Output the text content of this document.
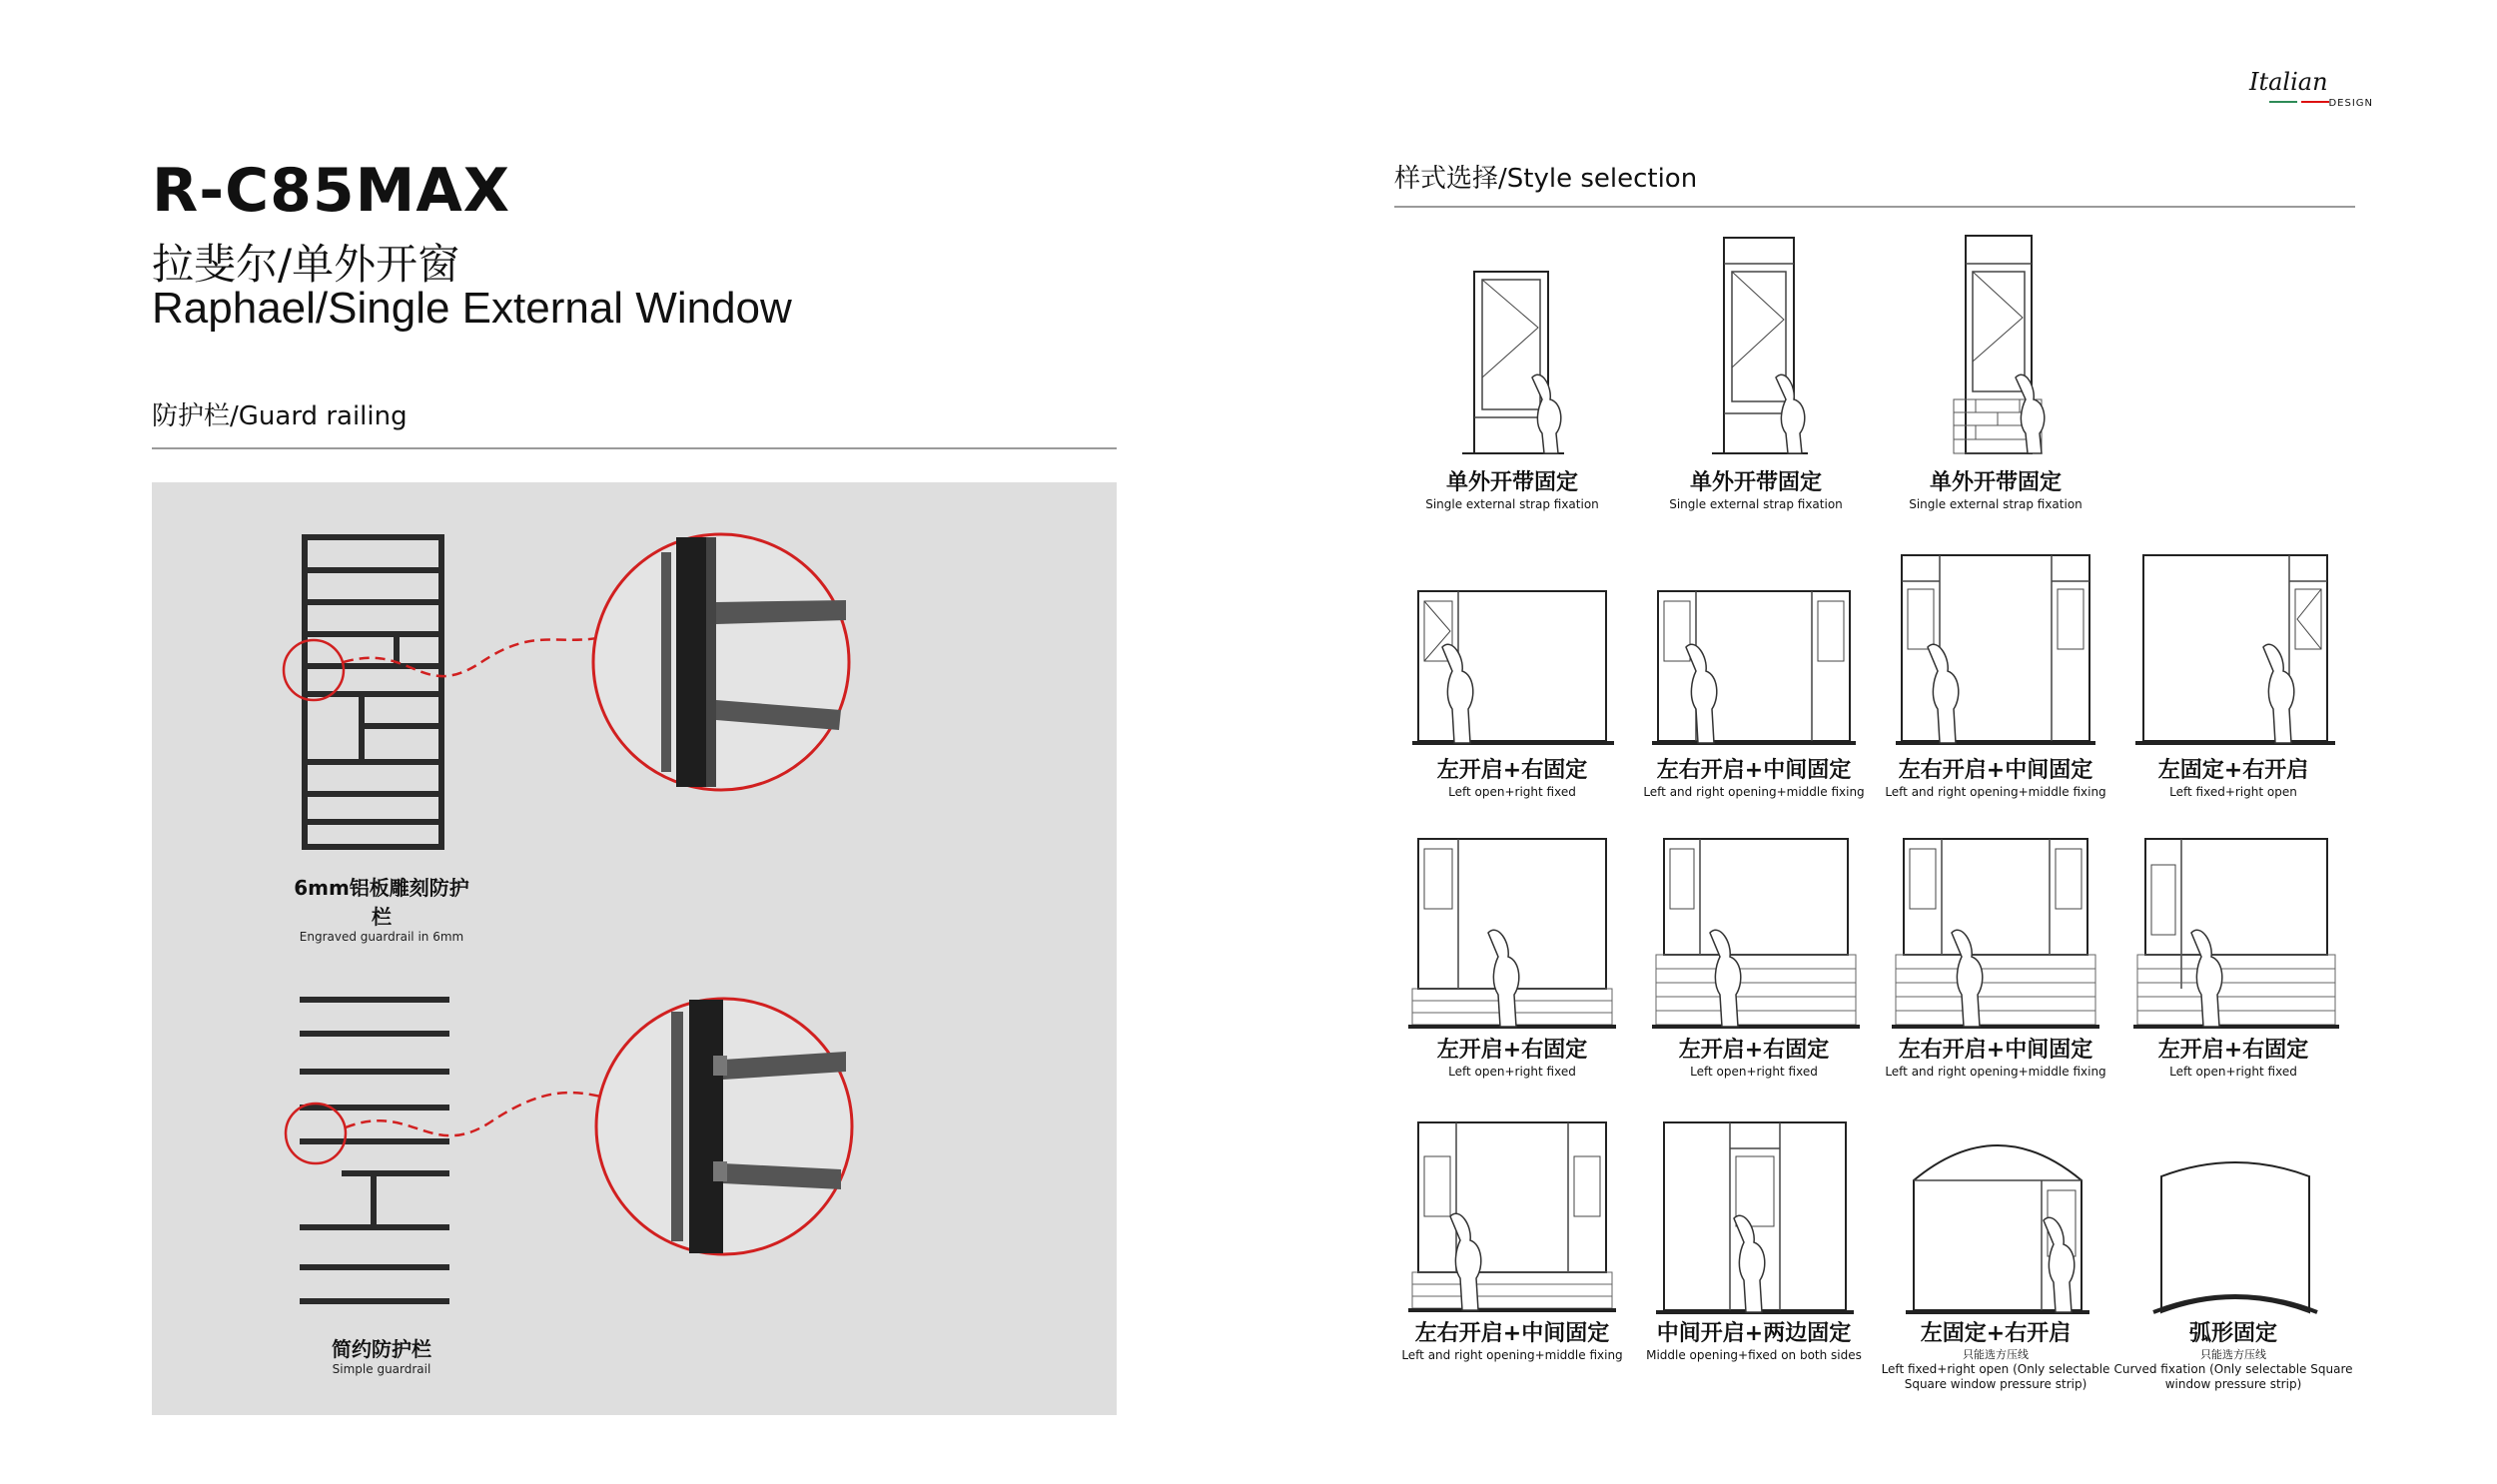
R-C85MAX
拉斐尔/单外开窗
Raphael/Single External Window
Italian
DESIGN
防护栏/Guard railing
6mm铝板雕刻防护栏
Engraved guardrail in 6mm
简约防护栏
Simple guardrail
样式选择/Style selection
单外开带固定
Single external strap fixation
单外开带固定
Single external strap fixation
单外开带固定
Single external strap fixation
左开启+右固定
Left open+right fixed
左右开启+中间固定
Left and right opening+middle fixing
左右开启+中间固定
Left and right opening+middle fixing
左固定+右开启
Left fixed+right open
左开启+右固定
Left open+right fixed
左开启+右固定
Left open+right fixed
左右开启+中间固定
Left and right opening+middle fixing
左开启+右固定
Left open+right fixed
左右开启+中间固定
Left and right opening+middle fixing
中间开启+两边固定
Middle opening+fixed on both sides
左固定+右开启
只能选方压线
Left fixed+right open (Only selectable Square window pressure strip)
弧形固定
只能选方压线
Curved fixation (Only selectable Square window pressure strip)
